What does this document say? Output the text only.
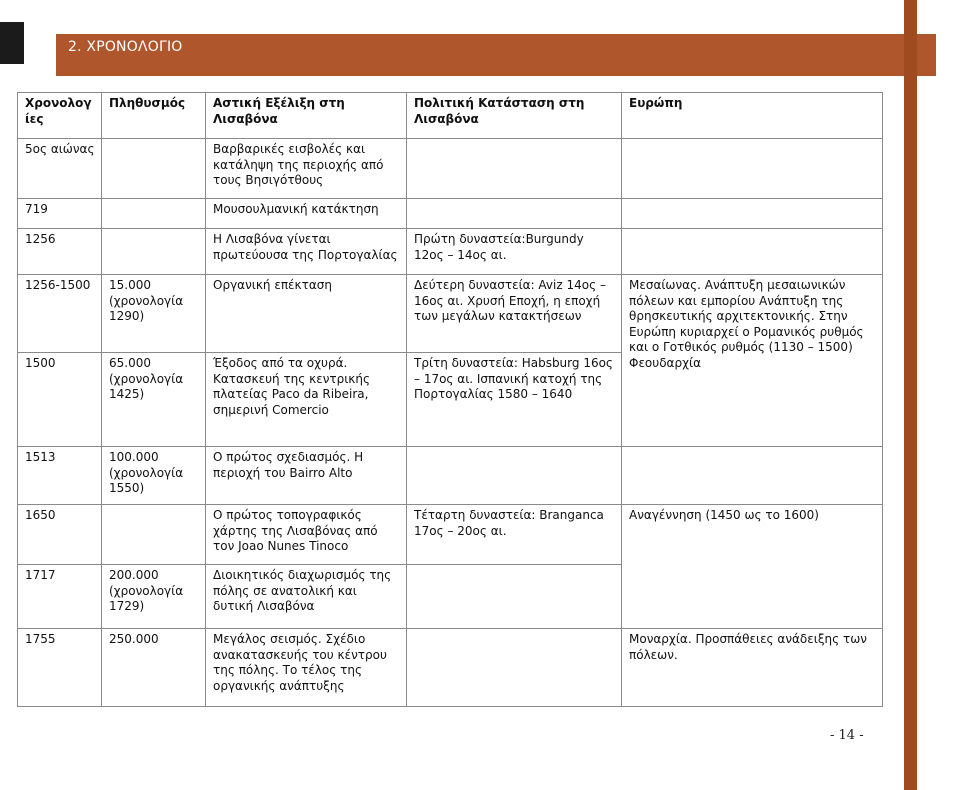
2. ΧΡΟΝΟΛΟΓΙΟ
Χρονολογίες	Πληθυσμός	Αστική Εξέλιξη στη Λισαβόνα	Πολιτική Κατάσταση στη Λισαβόνα	Ευρώπη
5ος αιώνας		Βαρβαρικές εισβολές και κατάληψη της περιοχής από τους Βησιγότθους		
719		Μουσουλμανική κατάκτηση		
1256		Η Λισαβόνα γίνεται πρωτεύουσα της Πορτογαλίας	Πρώτη δυναστεία:Burgundy 12ος – 14ος αι.	
1256-1500	15.000 (χρονολογία 1290)	Οργανική επέκταση	Δεύτερη δυναστεία: Aviz 14ος – 16ος αι. Χρυσή Εποχή, η εποχή των μεγάλων κατακτήσεων	Μεσαίωνας. Ανάπτυξη μεσαιωνικών πόλεων και εμπορίου Ανάπτυξη της θρησκευτικής αρχιτεκτονικής. Στην Ευρώπη κυριαρχεί ο Ρομανικός ρυθμός και ο Γοτθικός ρυθμός (1130 – 1500) Φεουδαρχία
1500	65.000 (χρονολογία 1425)	Έξοδος από τα οχυρά. Κατασκευή της κεντρικής πλατείας Paco da Ribeira, σημερινή Comercio	Τρίτη δυναστεία: Habsburg 16ος – 17ος αι. Ισπανική κατοχή της Πορτογαλίας 1580 – 1640	
1513	100.000 (χρονολογία 1550)	Ο πρώτος σχεδιασμός. Η περιοχή του Bairro Alto		
1650		Ο πρώτος τοπογραφικός χάρτης της Λισαβόνας από τον Joao Nunes Tinoco	Τέταρτη δυναστεία: Branganca 17ος – 20ος αι.	Αναγέννηση (1450 ως το 1600)
1717	200.000 (χρονολογία 1729)	Διοικητικός διαχωρισμός της πόλης σε ανατολική και δυτική Λισαβόνα		
1755	250.000	Μεγάλος σεισμός. Σχέδιο ανακατασκευής του κέντρου της πόλης. Το τέλος της οργανικής ανάπτυξης		Μοναρχία. Προσπάθειες ανάδειξης των πόλεων.
- 14 -
